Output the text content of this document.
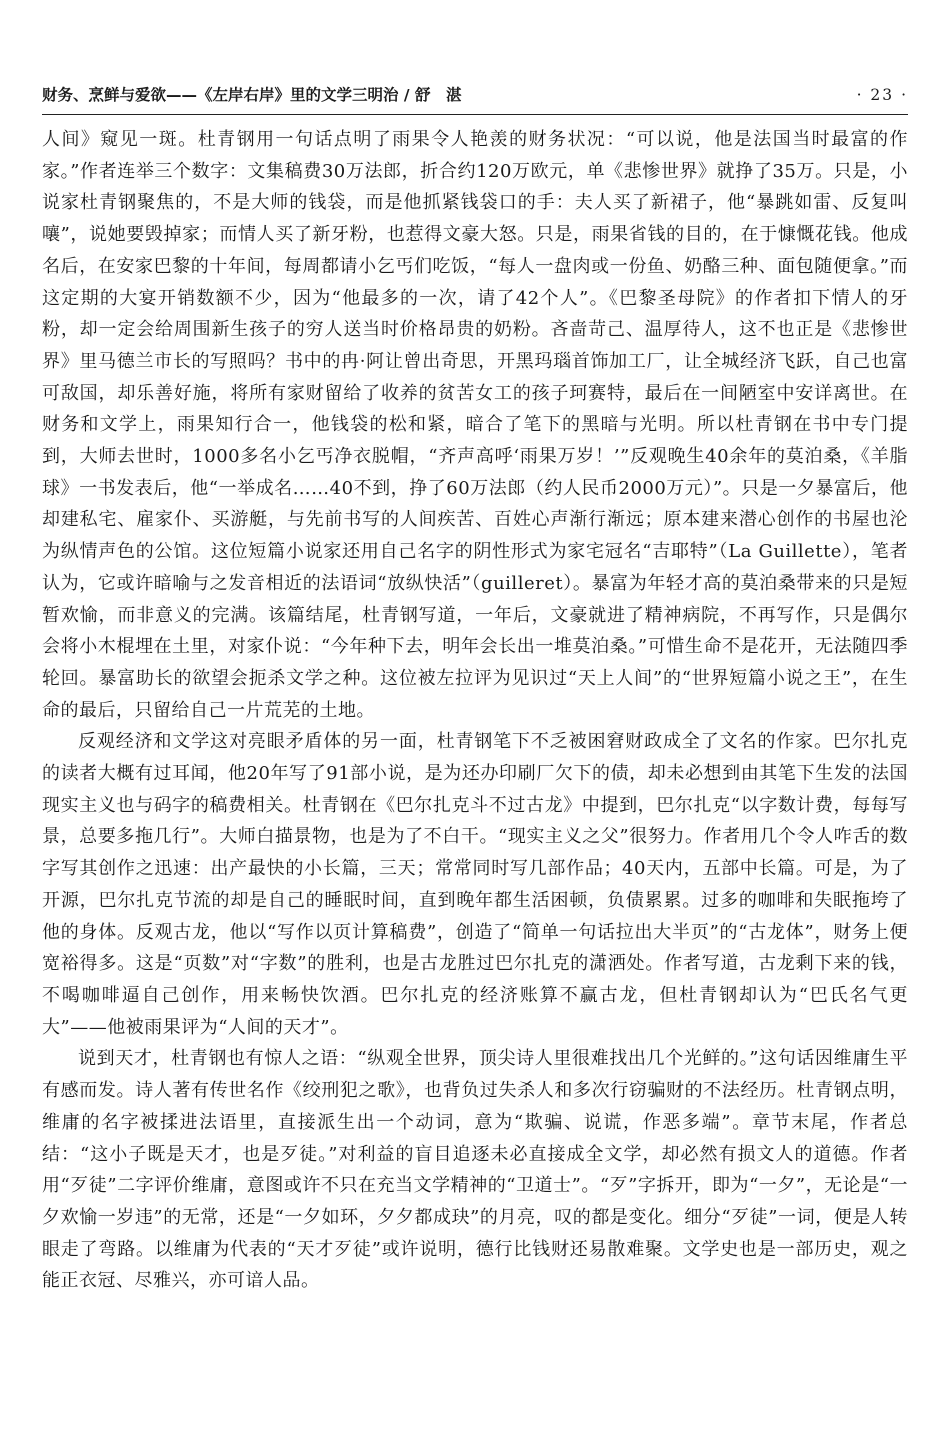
财务、烹鲜与爱欲——《左岸右岸》里的文学三明治 / 舒　湛	· 23 ·

人间》窥见一斑。杜青钢用一句话点明了雨果令人艳羡的财务状况：“可以说，他是法国当时最富的作家。”作者连举三个数字：文集稿费30万法郎，折合约120万欧元，单《悲惨世界》就挣了35万。只是，小说家杜青钢聚焦的，不是大师的钱袋，而是他抓紧钱袋口的手：夫人买了新裙子，他“暴跳如雷、反复叫嚷”，说她要毁掉家；而情人买了新牙粉，也惹得文豪大怒。只是，雨果省钱的目的，在于慷慨花钱。他成名后，在安家巴黎的十年间，每周都请小乞丐们吃饭，“每人一盘肉或一份鱼、奶酪三种、面包随便拿。”而这定期的大宴开销数额不少，因为“他最多的一次，请了42个人”。《巴黎圣母院》的作者扣下情人的牙粉，却一定会给周围新生孩子的穷人送当时价格昂贵的奶粉。吝啬苛己、温厚待人，这不也正是《悲惨世界》里马德兰市长的写照吗？书中的冉·阿让曾出奇思，开黑玛瑙首饰加工厂，让全城经济飞跃，自己也富可敌国，却乐善好施，将所有家财留给了收养的贫苦女工的孩子珂赛特，最后在一间陋室中安详离世。在财务和文学上，雨果知行合一，他钱袋的松和紧，暗合了笔下的黑暗与光明。所以杜青钢在书中专门提到，大师去世时，1000多名小乞丐净衣脱帽，“齐声高呼‘雨果万岁！’”反观晚生40余年的莫泊桑，《羊脂球》一书发表后，他“一举成名……40不到，挣了60万法郎（约人民币2000万元）”。只是一夕暴富后，他却建私宅、雇家仆、买游艇，与先前书写的人间疾苦、百姓心声渐行渐远；原本建来潜心创作的书屋也沦为纵情声色的公馆。这位短篇小说家还用自己名字的阴性形式为家宅冠名“吉耶特”（La Guillette），笔者认为，它或许暗喻与之发音相近的法语词“放纵快活”（guilleret）。暴富为年轻才高的莫泊桑带来的只是短暂欢愉，而非意义的完满。该篇结尾，杜青钢写道，一年后，文豪就进了精神病院，不再写作，只是偶尔会将小木棍埋在土里，对家仆说：“今年种下去，明年会长出一堆莫泊桑。”可惜生命不是花开，无法随四季轮回。暴富助长的欲望会扼杀文学之种。这位被左拉评为见识过“天上人间”的“世界短篇小说之王”，在生命的最后，只留给自己一片荒芜的土地。

反观经济和文学这对亮眼矛盾体的另一面，杜青钢笔下不乏被困窘财政成全了文名的作家。巴尔扎克的读者大概有过耳闻，他20年写了91部小说，是为还办印刷厂欠下的债，却未必想到由其笔下生发的法国现实主义也与码字的稿费相关。杜青钢在《巴尔扎克斗不过古龙》中提到，巴尔扎克“以字数计费，每每写景，总要多拖几行”。大师白描景物，也是为了不白干。“现实主义之父”很努力。作者用几个令人咋舌的数字写其创作之迅速：出产最快的小长篇，三天；常常同时写几部作品；40天内，五部中长篇。可是，为了开源，巴尔扎克节流的却是自己的睡眠时间，直到晚年都生活困顿，负债累累。过多的咖啡和失眠拖垮了他的身体。反观古龙，他以“写作以页计算稿费”，创造了“简单一句话拉出大半页”的“古龙体”，财务上便宽裕得多。这是“页数”对“字数”的胜利，也是古龙胜过巴尔扎克的潇洒处。作者写道，古龙剩下来的钱，不喝咖啡逼自己创作，用来畅快饮酒。巴尔扎克的经济账算不赢古龙，但杜青钢却认为“巴氏名气更大”——他被雨果评为“人间的天才”。

说到天才，杜青钢也有惊人之语：“纵观全世界，顶尖诗人里很难找出几个光鲜的。”这句话因维庸生平有感而发。诗人著有传世名作《绞刑犯之歌》，也背负过失杀人和多次行窃骗财的不法经历。杜青钢点明，维庸的名字被揉进法语里，直接派生出一个动词，意为“欺骗、说谎，作恶多端”。章节末尾，作者总结：“这小子既是天才，也是歹徒。”对利益的盲目追逐未必直接成全文学，却必然有损文人的道德。作者用“歹徒”二字评价维庸，意图或许不只在充当文学精神的“卫道士”。“歹”字拆开，即为“一夕”，无论是“一夕欢愉一岁违”的无常，还是“一夕如环，夕夕都成玦”的月亮，叹的都是变化。细分“歹徒”一词，便是人转眼走了弯路。以维庸为代表的“天才歹徒”或许说明，德行比钱财还易散难聚。文学史也是一部历史，观之能正衣冠、尽雅兴，亦可谙人品。
